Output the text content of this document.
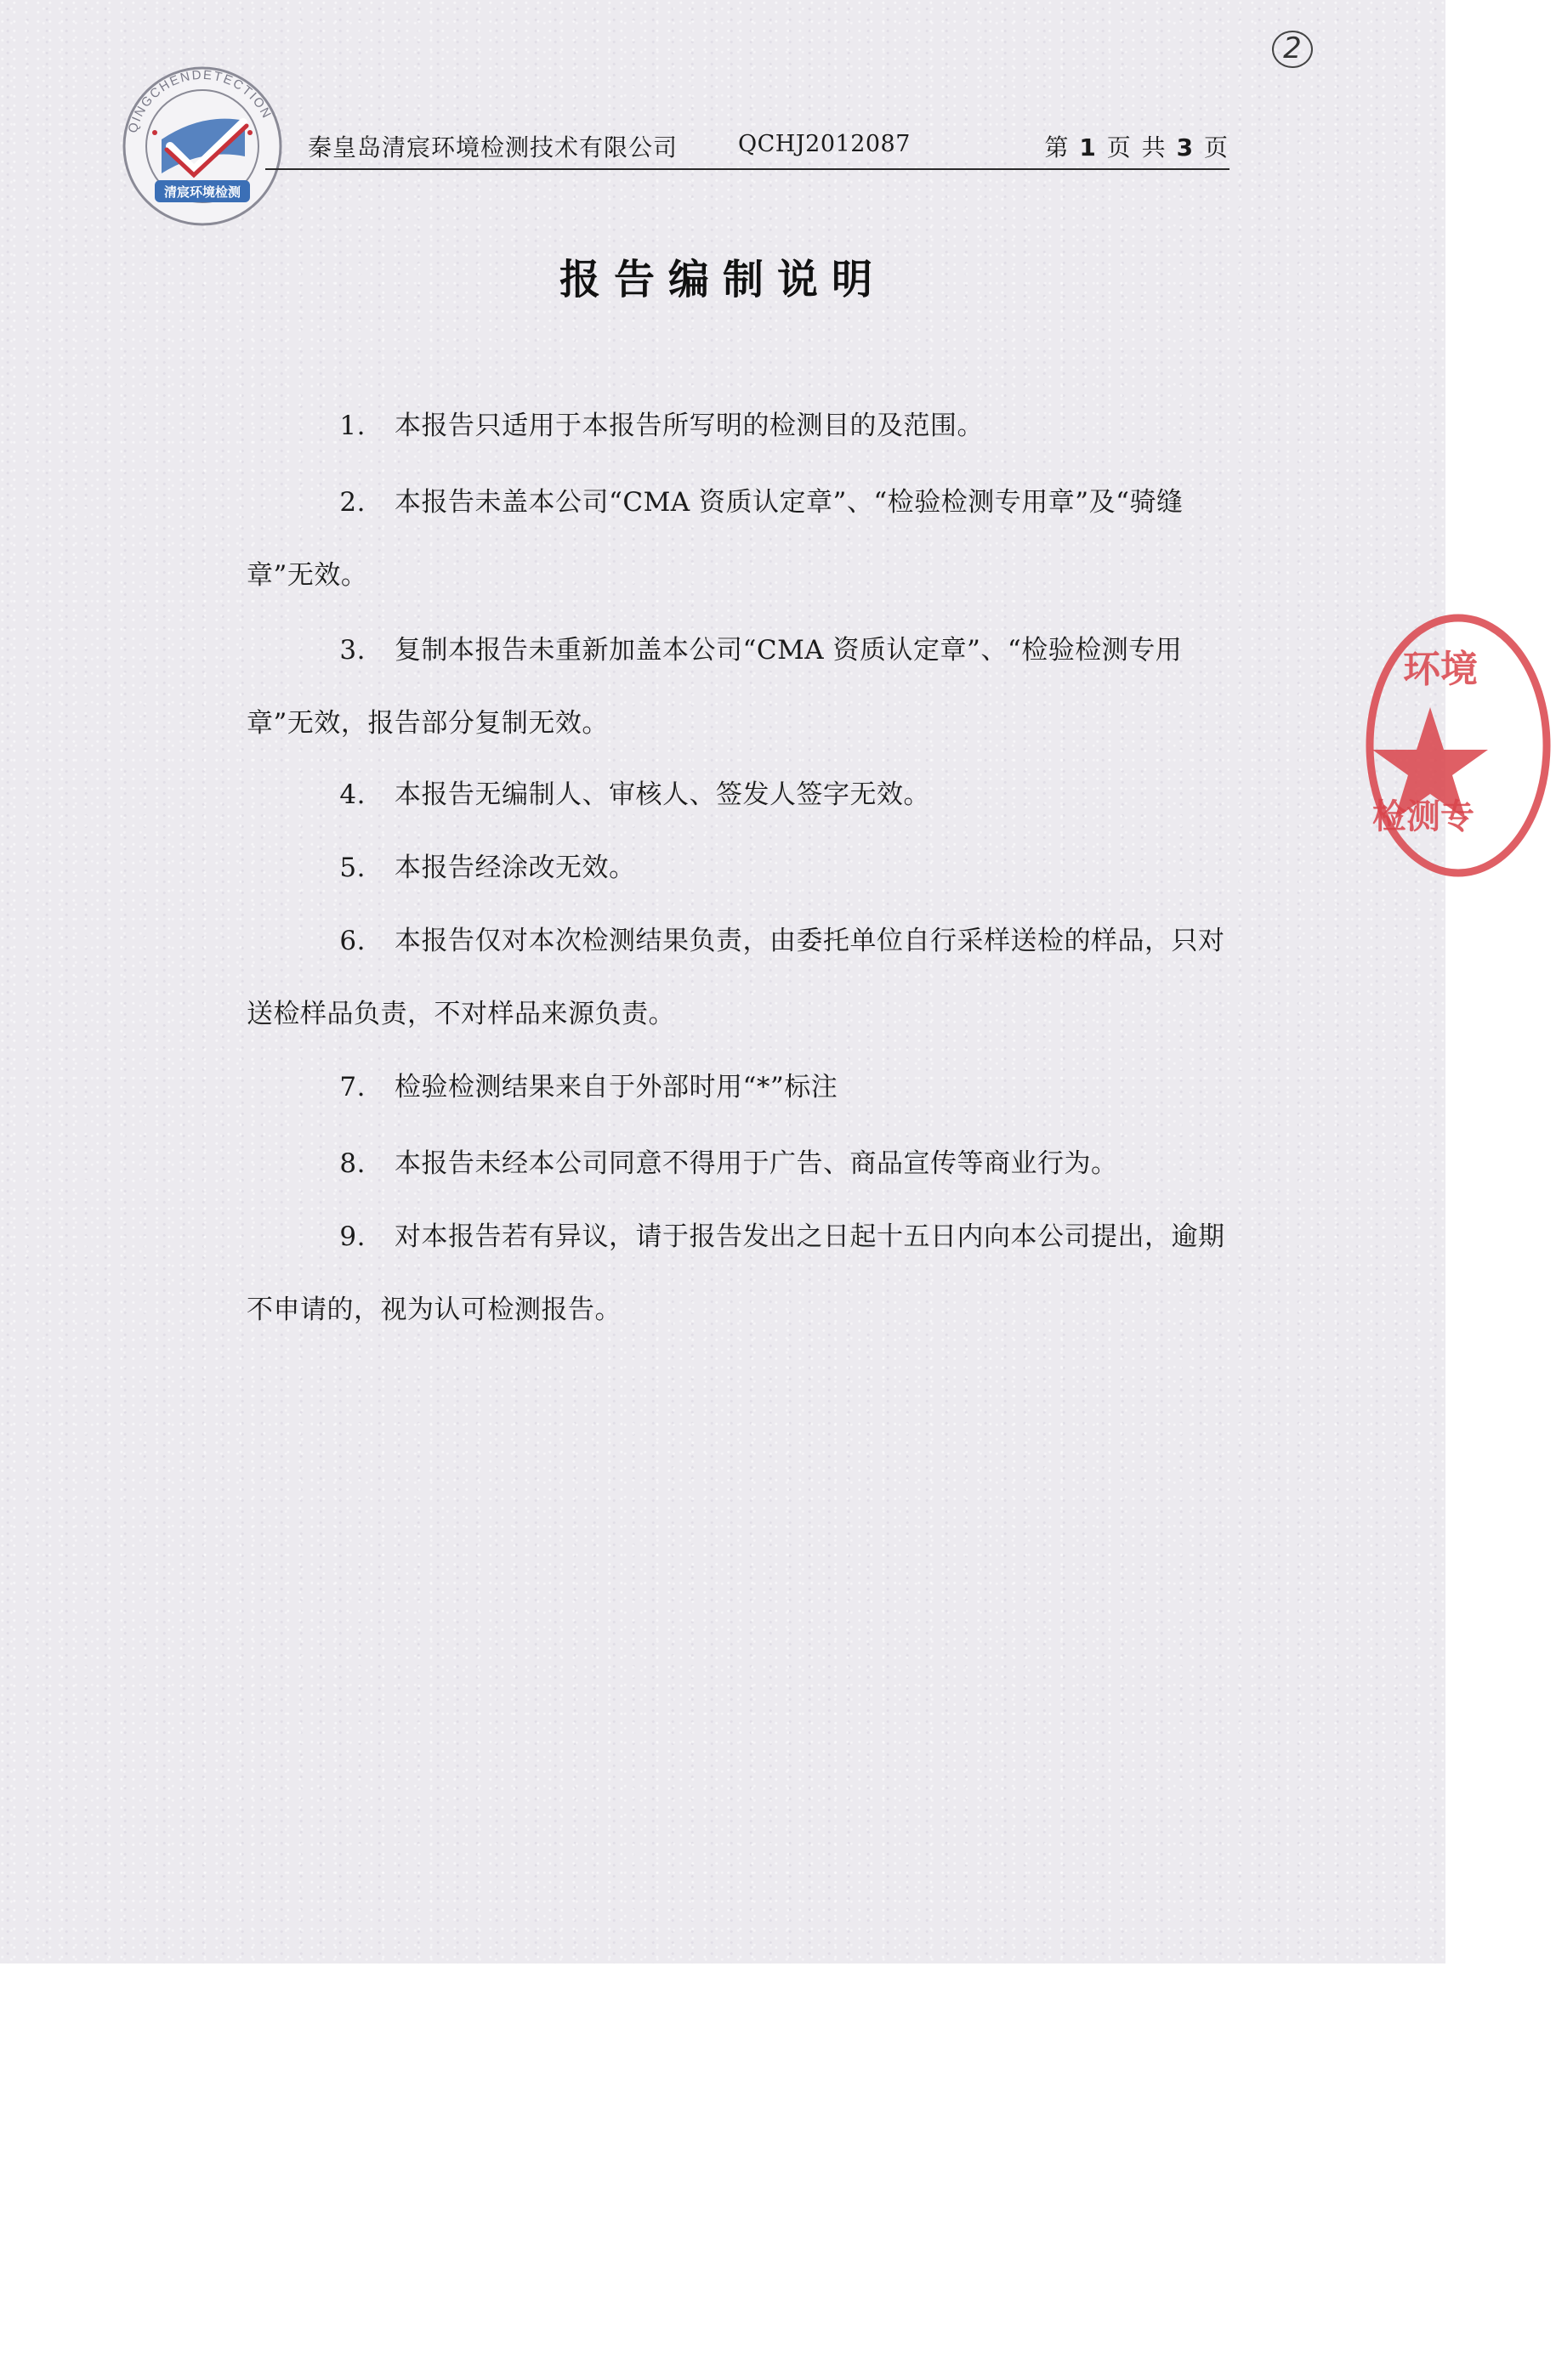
QINGCHENDETECTION
清宸环境检测
2
秦皇岛清宸环境检测技术有限公司	QCHJ2012087	第 1 页 共 3 页
报告编制说明
1. 本报告只适用于本报告所写明的检测目的及范围。
2. 本报告未盖本公司“CMA 资质认定章”、“检验检测专用章”及“骑缝章”无效。
3. 复制本报告未重新加盖本公司“CMA 资质认定章”、“检验检测专用章”无效，报告部分复制无效。
4. 本报告无编制人、审核人、签发人签字无效。
5. 本报告经涂改无效。
6. 本报告仅对本次检测结果负责，由委托单位自行采样送检的样品，只对送检样品负责，不对样品来源负责。
7. 检验检测结果来自于外部时用“*”标注
8. 本报告未经本公司同意不得用于广告、商品宣传等商业行为。
9. 对本报告若有异议，请于报告发出之日起十五日内向本公司提出，逾期不申请的，视为认可检测报告。
环境
检测专
